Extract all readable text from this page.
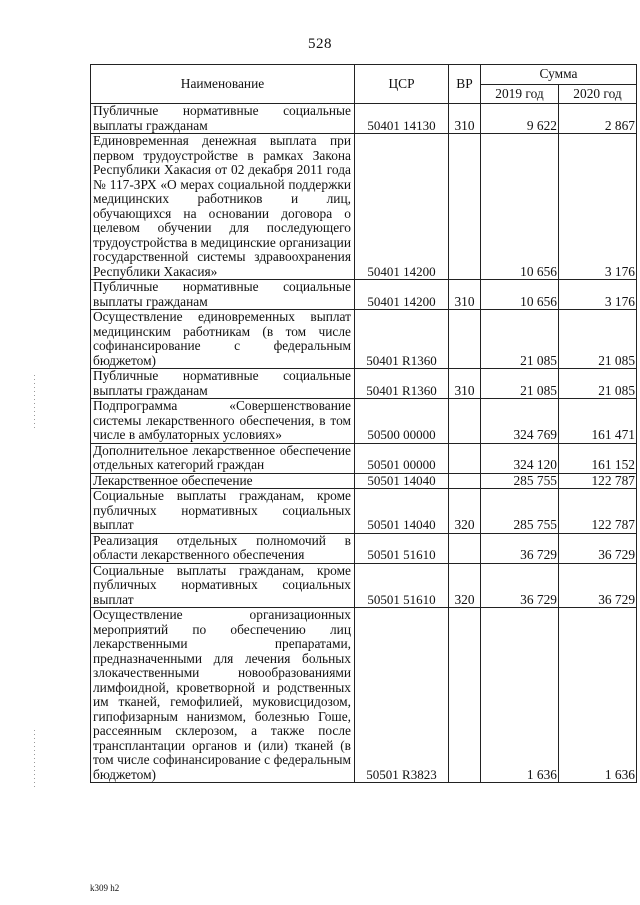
528
Наименование	ЦСР	ВР	Сумма	
			2019 год	2020 год
Публичные нормативные социальные выплаты гражданам	50401 14130	310	9 622	2 867
Единовременная денежная выплата при первом трудоустройстве в рамках Закона Республики Хакасия от 02 декабря 2011 года № 117-ЗРХ «О мерах социальной поддержки медицинских работников и лиц, обучающихся на основании договора о целевом обучении для последующего трудоустройства в медицинские организации государственной системы здравоохранения Республики Хакасия»	50401 14200		10 656	3 176
Публичные нормативные социальные выплаты гражданам	50401 14200	310	10 656	3 176
Осуществление единовременных выплат медицинским работникам (в том числе софинансирование с федеральным бюджетом)	50401 R1360		21 085	21 085
Публичные нормативные социальные выплаты гражданам	50401 R1360	310	21 085	21 085
Подпрограмма «Совершенствование системы лекарственного обеспечения, в том числе в амбулаторных условиях»	50500 00000		324 769	161 471
Дополнительное лекарственное обеспечение отдельных категорий граждан	50501 00000		324 120	161 152
Лекарственное обеспечение	50501 14040		285 755	122 787
Социальные выплаты гражданам, кроме публичных нормативных социальных выплат	50501 14040	320	285 755	122 787
Реализация отдельных полномочий в области лекарственного обеспечения	50501 51610		36 729	36 729
Социальные выплаты гражданам, кроме публичных нормативных социальных выплат	50501 51610	320	36 729	36 729
Осуществление организационных мероприятий по обеспечению лиц лекарственными препаратами, предназначенными для лечения больных злокачественными новообразованиями лимфоидной, кроветворной и родственных им тканей, гемофилией, муковисцидозом, гипофизарным нанизмом, болезнью Гоше, рассеянным склерозом, а также после трансплантации органов и (или) тканей (в том числе софинансирование с федеральным бюджетом)	50501 R3823		1 636	1 636
k309 h2
